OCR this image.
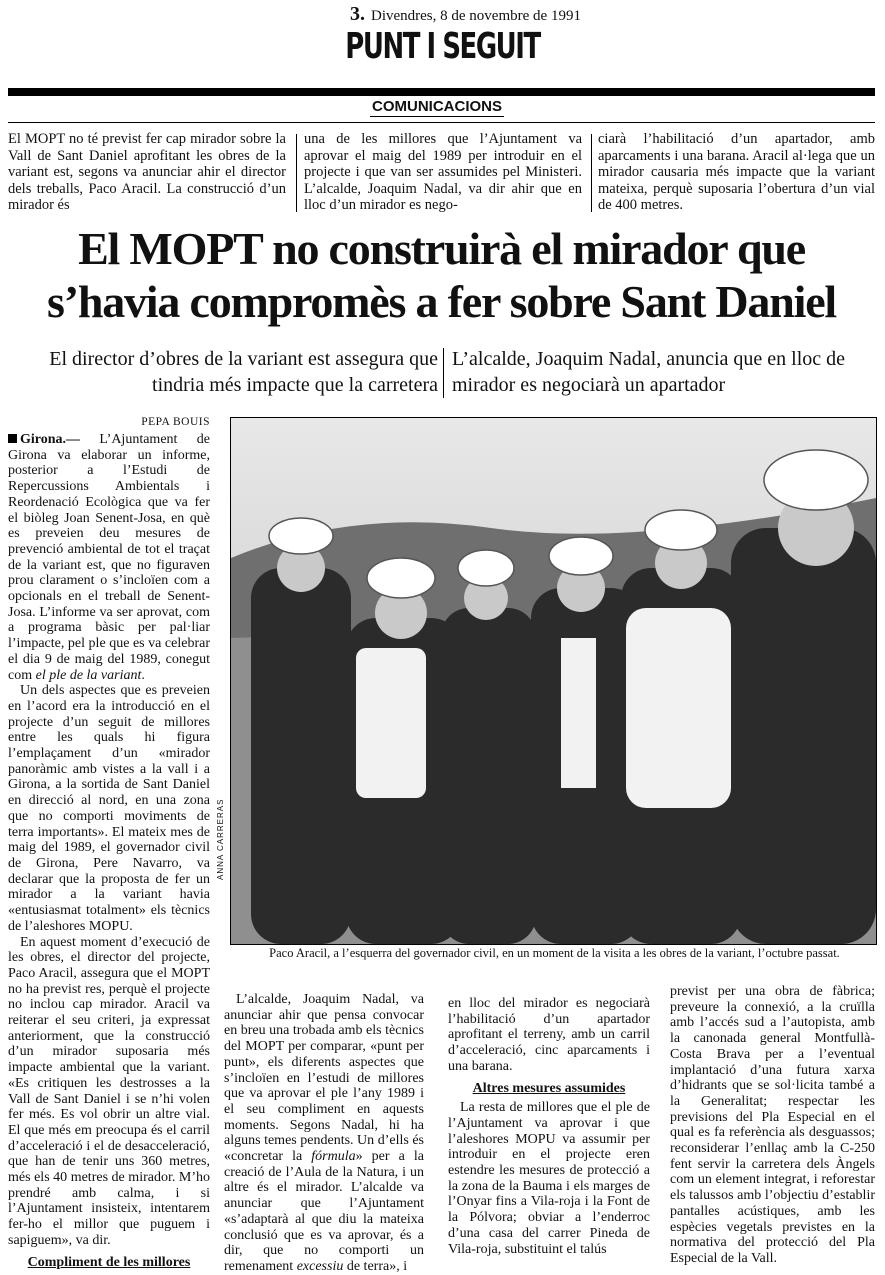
3. Divendres, 8 de novembre de 1991
PUNT I SEGUIT
COMUNICACIONS
El MOPT no té previst fer cap mirador sobre la Vall de Sant Daniel aprofitant les obres de la variant est, segons va anunciar ahir el director dels treballs, Paco Aracil. La construcció d’un mirador és
una de les millores que l’Ajuntament va aprovar el maig del 1989 per introduir en el projecte i que van ser assumides pel Ministeri. L’alcalde, Joaquim Nadal, va dir ahir que en lloc d’un mirador es nego-
ciarà l’habilitació d’un apartador, amb aparcaments i una barana. Aracil al·lega que un mirador causaria més impacte que la variant mateixa, perquè suposaria l’obertura d’un vial de 400 metres.
El MOPT no construirà el mirador que
s’havia compromès a fer sobre Sant Daniel
El director d’obres de la variant est assegura que tindria més impacte que la carretera
L’alcalde, Joaquim Nadal, anuncia que en lloc de mirador es negociarà un apartador
PEPA BOUIS

Girona.— L’Ajuntament de Girona va elaborar un informe, posterior a l’Estudi de Repercussions Ambientals i Reordenació Ecològica que va fer el biòleg Joan Senent-Josa, en què es preveien deu mesures de prevenció ambiental de tot el traçat de la variant est, que no figuraven prou clarament o s’incloïen com a opcionals en el treball de Senent-Josa. L’informe va ser aprovat, com a programa bàsic per pal·liar l’impacte, pel ple que es va celebrar el dia 9 de maig del 1989, conegut com el ple de la variant.

Un dels aspectes que es preveien en l’acord era la introducció en el projecte d’un seguit de millores entre les quals hi figura l’emplaçament d’un «mirador panoràmic amb vistes a la vall i a Girona, a la sortida de Sant Daniel en direcció al nord, en una zona que no comporti moviments de terra importants». El mateix mes de maig del 1989, el governador civil de Girona, Pere Navarro, va declarar que la proposta de fer un mirador a la variant havia «entusiasmat totalment» els tècnics de l’aleshores MOPU.

En aquest moment d’execució de les obres, el director del projecte, Paco Aracil, assegura que el MOPT no ha previst res, perquè el projecte no inclou cap mirador. Aracil va reiterar el seu criteri, ja expressat anteriorment, que la construcció d’un mirador suposaria més impacte ambiental que la variant. «Es critiquen les destrosses a la Vall de Sant Daniel i se n’hi volen fer més. Es vol obrir un altre vial. El que més em preocupa és el carril d’acceleració i el de desacceleració, que han de tenir uns 360 metres, més els 40 metres de mirador. M’ho prendré amb calma, i si l’Ajuntament insisteix, intentarem fer-ho el millor que puguem i sapiguem», va dir.

Compliment de les millores
ANNA CARRERAS
Paco Aracil, a l’esquerra del governador civil, en un moment de la visita a les obres de la variant, l’octubre passat.

L’alcalde, Joaquim Nadal, va anunciar ahir que pensa convocar en breu una trobada amb els tècnics del MOPT per comparar, «punt per punt», els diferents aspectes que s’incloïen en l’estudi de millores que va aprovar el ple l’any 1989 i el seu compliment en aquests moments. Segons Nadal, hi ha alguns temes pendents. Un d’ells és «concretar la fórmula» per a la creació de l’Aula de la Natura, i un altre és el mirador. L’alcalde va anunciar que l’Ajuntament «s’adaptarà al que diu la mateixa conclusió que es va aprovar, és a dir, que no comporti un remenament excessiu de terra», i

en lloc del mirador es negociarà l’habilitació d’un apartador aprofitant el terreny, amb un carril d’acceleració, cinc aparcaments i una barana.

Altres mesures assumides

La resta de millores que el ple de l’Ajuntament va aprovar i que l’aleshores MOPU va assumir per introduir en el projecte eren estendre les mesures de protecció a la zona de la Bauma i els marges de l’Onyar fins a Vila-roja i la Font de la Pólvora; obviar a l’enderroc d’una casa del carrer Pineda de Vila-roja, substituint el talús

previst per una obra de fàbrica; preveure la connexió, a la cruïlla amb l’accés sud a l’autopista, amb la canonada general Montfullà-Costa Brava per a l’eventual implantació d’una futura xarxa d’hidrants que se sol·licita també a la Generalitat; respectar les previsions del Pla Especial en el qual es fa referència als desguassos; reconsiderar l’enllaç amb la C-250 fent servir la carretera dels Àngels com un element integrat, i reforestar els talussos amb l’objectiu d’establir pantalles acústiques, amb les espècies vegetals previstes en la normativa del protecció del Pla Especial de la Vall.
